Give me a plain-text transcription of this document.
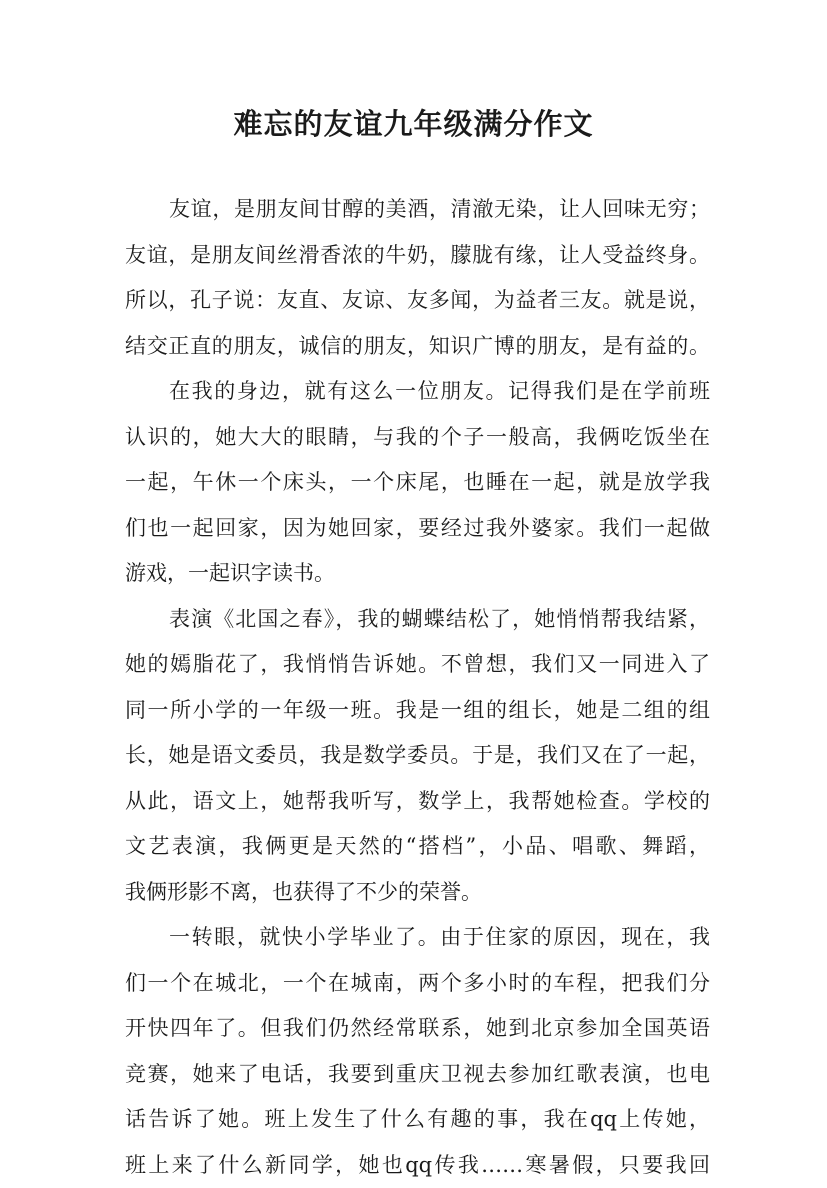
难忘的友谊九年级满分作文
友谊，是朋友间甘醇的美酒，清澈无染，让人回味无穷；
友谊，是朋友间丝滑香浓的牛奶，朦胧有缘，让人受益终身。
所以，孔子说：友直、友谅、友多闻，为益者三友。就是说，
结交正直的朋友，诚信的朋友，知识广博的朋友，是有益的。
在我的身边，就有这么一位朋友。记得我们是在学前班
认识的，她大大的眼睛，与我的个子一般高，我俩吃饭坐在
一起，午休一个床头，一个床尾，也睡在一起，就是放学我
们也一起回家，因为她回家，要经过我外婆家。我们一起做
游戏，一起识字读书。
表演《北国之春》，我的蝴蝶结松了，她悄悄帮我结紧，
她的嫣脂花了，我悄悄告诉她。不曾想，我们又一同进入了
同一所小学的一年级一班。我是一组的组长，她是二组的组
长，她是语文委员，我是数学委员。于是，我们又在了一起，
从此，语文上，她帮我听写，数学上，我帮她检查。学校的
文艺表演，我俩更是天然的“搭档”，小品、唱歌、舞蹈，
我俩形影不离，也获得了不少的荣誉。
一转眼，就快小学毕业了。由于住家的原因，现在，我
们一个在城北，一个在城南，两个多小时的车程，把我们分
开快四年了。但我们仍然经常联系，她到北京参加全国英语
竞赛，她来了电话，我要到重庆卫视去参加红歌表演，也电
话告诉了她。班上发生了什么有趣的事，我在qq上传她，
班上来了什么新同学，她也qq传我……寒暑假，只要我回
